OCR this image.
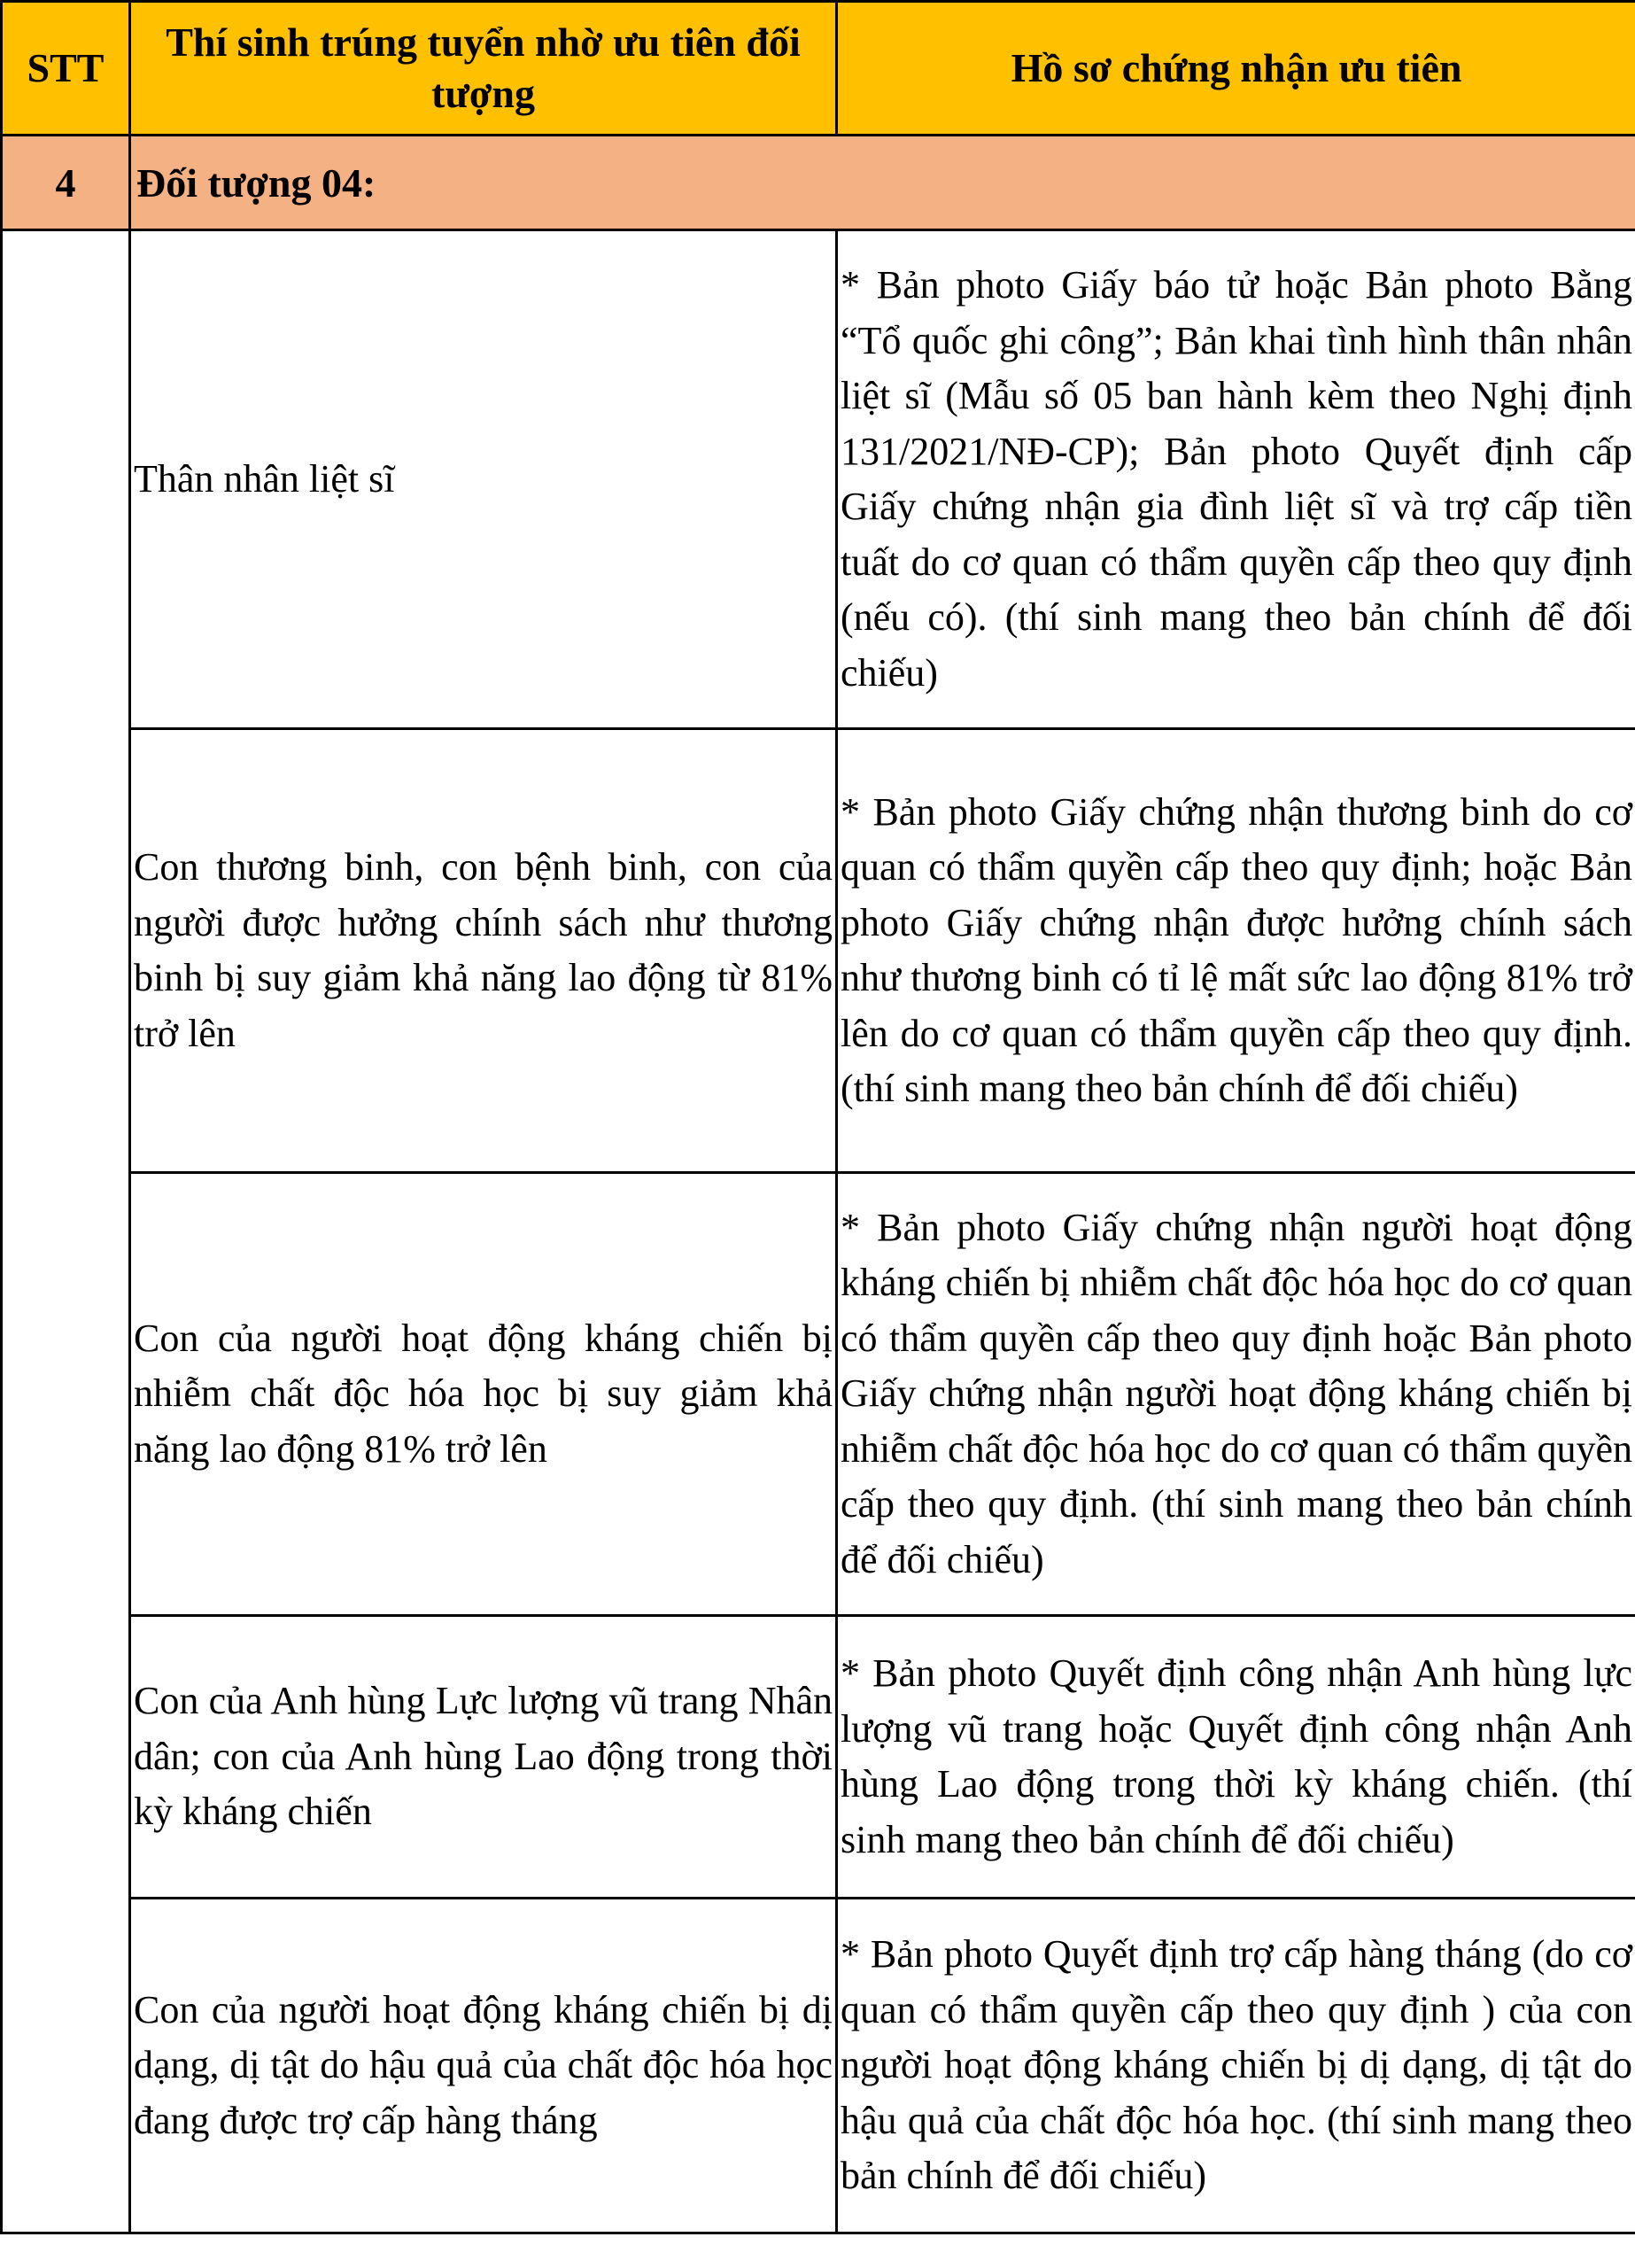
STT	Thí sinh trúng tuyển nhờ ưu tiên đối tượng	Hồ sơ chứng nhận ưu tiên
4	Đối tượng 04:	
	Thân nhân liệt sĩ	* Bản photo Giấy báo tử hoặc Bản photo Bằng “Tổ quốc ghi công”; Bản khai tình hình thân nhân liệt sĩ (Mẫu số 05 ban hành kèm theo Nghị định 131/2021/NĐ-CP); Bản photo Quyết định cấp Giấy chứng nhận gia đình liệt sĩ và trợ cấp tiền tuất do cơ quan có thẩm quyền cấp theo quy định (nếu có). (thí sinh mang theo bản chính để đối chiếu)
	Con thương binh, con bệnh binh, con của người được hưởng chính sách như thương binh bị suy giảm khả năng lao động từ 81% trở lên	* Bản photo Giấy chứng nhận thương binh do cơ quan có thẩm quyền cấp theo quy định; hoặc Bản photo Giấy chứng nhận được hưởng chính sách như thương binh có tỉ lệ mất sức lao động 81% trở lên do cơ quan có thẩm quyền cấp theo quy định. (thí sinh mang theo bản chính để đối chiếu)
	Con của người hoạt động kháng chiến bị nhiễm chất độc hóa học bị suy giảm khả năng lao động 81% trở lên	* Bản photo Giấy chứng nhận người hoạt động kháng chiến bị nhiễm chất độc hóa học do cơ quan có thẩm quyền cấp theo quy định hoặc Bản photo Giấy chứng nhận người hoạt động kháng chiến bị nhiễm chất độc hóa học do cơ quan có thẩm quyền cấp theo quy định. (thí sinh mang theo bản chính để đối chiếu)
	Con của Anh hùng Lực lượng vũ trang Nhân dân; con của Anh hùng Lao động trong thời kỳ kháng chiến	* Bản photo Quyết định công nhận Anh hùng lực lượng vũ trang hoặc Quyết định công nhận Anh hùng Lao động trong thời kỳ kháng chiến. (thí sinh mang theo bản chính để đối chiếu)
	Con của người hoạt động kháng chiến bị dị dạng, dị tật do hậu quả của chất độc hóa học đang được trợ cấp hàng tháng	* Bản photo Quyết định trợ cấp hàng tháng (do cơ quan có thẩm quyền cấp theo quy định ) của con người hoạt động kháng chiến bị dị dạng, dị tật do hậu quả của chất độc hóa học. (thí sinh mang theo bản chính để đối chiếu)
